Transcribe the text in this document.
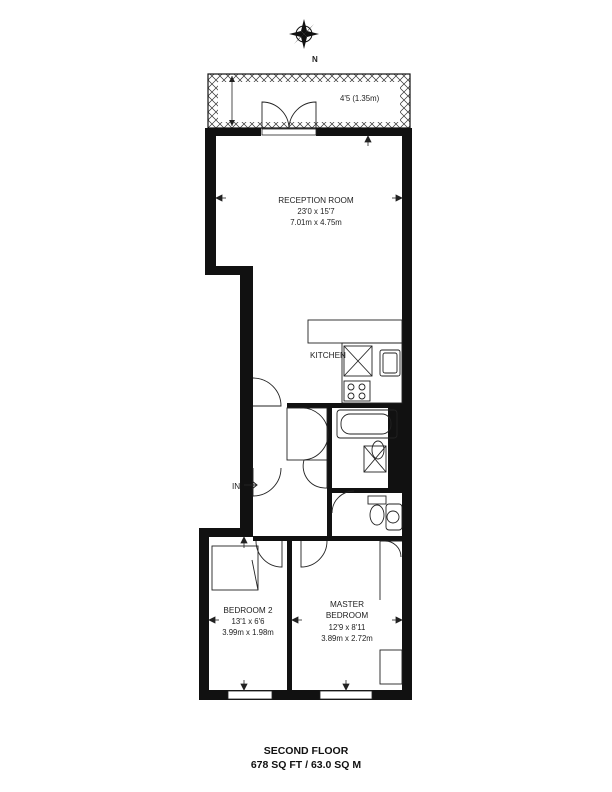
N
4'5 (1.35m)
RECEPTION ROOM
23'0 x 15'7
7.01m x 4.75m
KITCHEN
IN
BEDROOM 2
13'1 x 6'6
3.99m x 1.98m
MASTER
BEDROOM
12'9 x 8'11
3.89m x 2.72m
SECOND FLOOR
678 SQ FT / 63.0 SQ M
